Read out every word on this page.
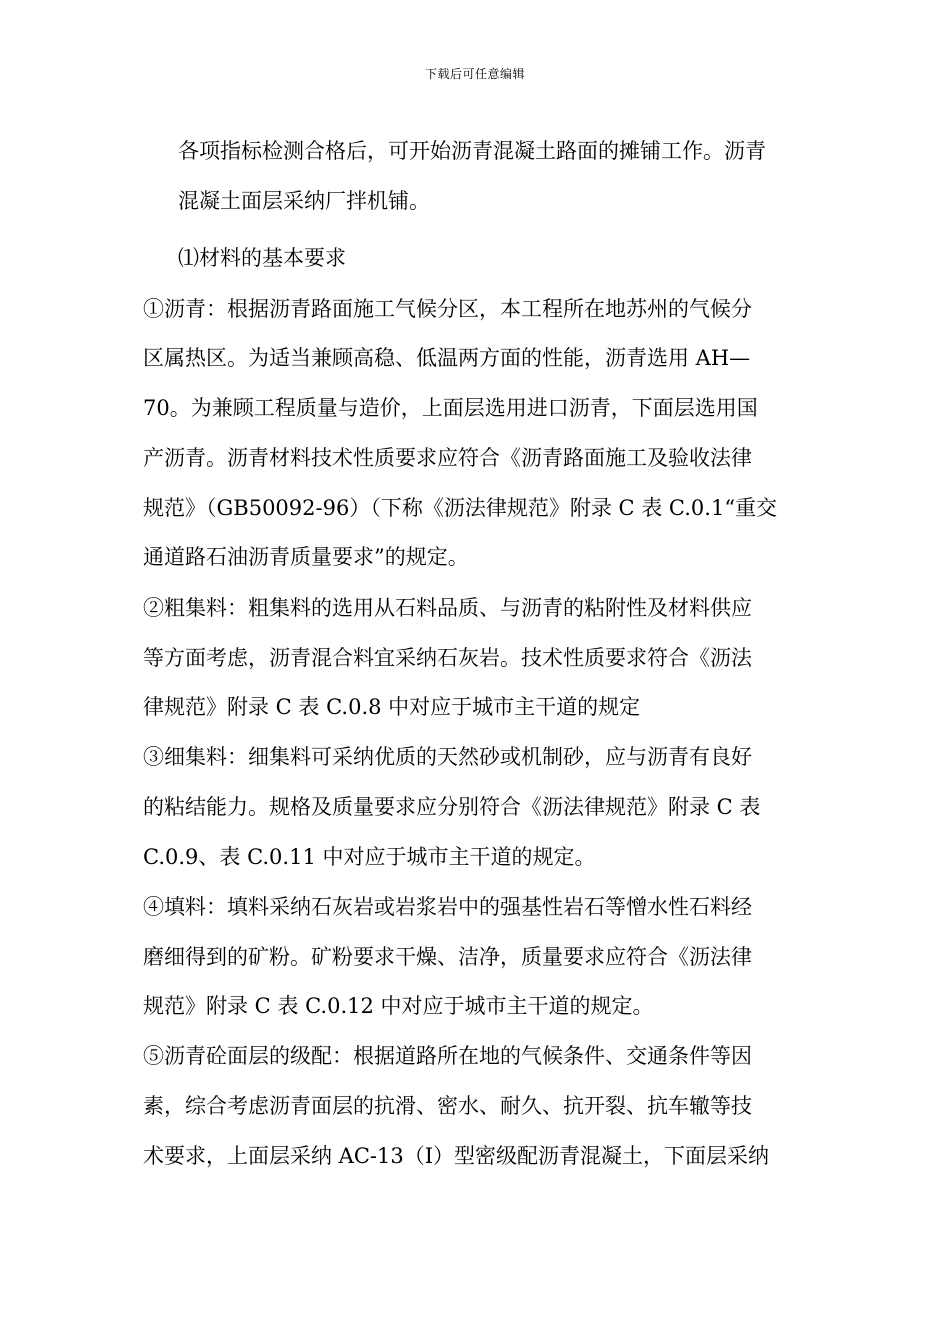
下载后可任意编辑
各项指标检测合格后，可开始沥青混凝土路面的摊铺工作。沥青
混凝土面层采纳厂拌机铺。
⑴材料的基本要求
①沥青：根据沥青路面施工气候分区，本工程所在地苏州的气候分
区属热区。为适当兼顾高稳、低温两方面的性能，沥青选用 AH—
70。为兼顾工程质量与造价，上面层选用进口沥青，下面层选用国
产沥青。沥青材料技术性质要求应符合《沥青路面施工及验收法律
规范》（GB50092-96）（下称《沥法律规范》附录 C 表 C.0.1“重交
通道路石油沥青质量要求”的规定。
②粗集料：粗集料的选用从石料品质、与沥青的粘附性及材料供应
等方面考虑，沥青混合料宜采纳石灰岩。技术性质要求符合《沥法
律规范》附录 C 表 C.0.8 中对应于城市主干道的规定
③细集料：细集料可采纳优质的天然砂或机制砂，应与沥青有良好
的粘结能力。规格及质量要求应分别符合《沥法律规范》附录 C 表
C.0.9、表 C.0.11 中对应于城市主干道的规定。
④填料：填料采纳石灰岩或岩浆岩中的强基性岩石等憎水性石料经
磨细得到的矿粉。矿粉要求干燥、洁净，质量要求应符合《沥法律
规范》附录 C 表 C.0.12 中对应于城市主干道的规定。
⑤沥青砼面层的级配：根据道路所在地的气候条件、交通条件等因
素，综合考虑沥青面层的抗滑、密水、耐久、抗开裂、抗车辙等技
术要求，上面层采纳 AC-13（I）型密级配沥青混凝土，下面层采纳
